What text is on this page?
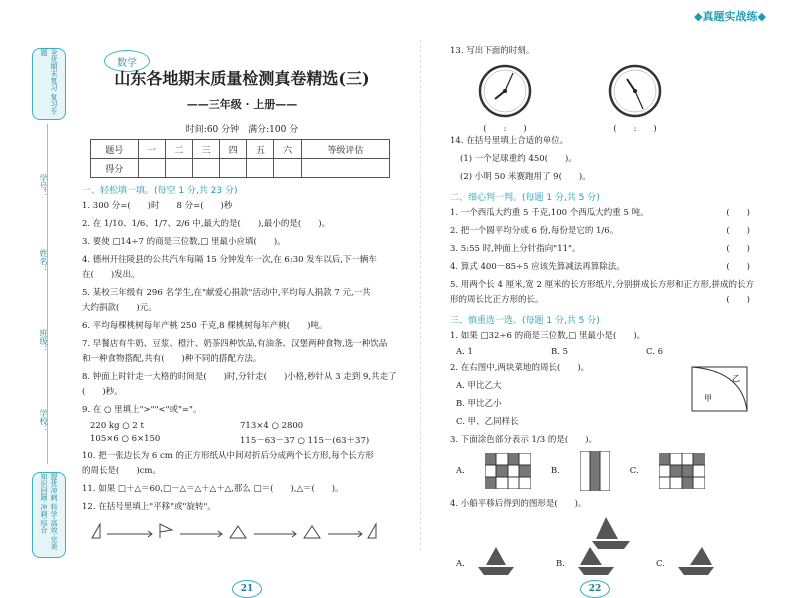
◆真题实战练◆
全优期末复习 复习专题
学号：
姓名：
班级：
学校：
提优冲刺 科学·高效·完美 知识回顾·冲刺·综合
数学
山东各地期末质量检测真卷精选(三)
——三年级 · 上册——
时间:60 分钟　满分:100 分
题号	一	二	三	四	五	六	等级评估
得分							
一、轻松填一填。(每空 1 分,共 23 分)
1. 300 分=(　　)时　　8 分=(　　)秒
2. 在 1/10、1/6、1/7、2/6 中,最大的是(　　),最小的是(　　)。
3. 要使 □14÷7 的商是三位数,□ 里最小应填(　　)。
4. 德州开往陵县的公共汽车每隔 15 分钟发车一次,在 6:30 发车以后,下一辆车
在(　　)发出。
5. 某校三年级有 296 名学生,在"献爱心捐款"活动中,平均每人捐款 7 元,一共
大约捐款(　　)元。
6. 平均每棵桃树每年产桃 250 千克,8 棵桃树每年产桃(　　)吨。
7. 早餐店有牛奶、豆浆、橙汁、奶茶四种饮品,有油条、汉堡两种食物,选一种饮品
和一种食物搭配,共有(　　)种不同的搭配方法。
8. 钟面上时针走一大格的时间是(　　)时,分针走(　　)小格,秒针从 3 走到 9,共走了
(　　)秒。
9. 在 ○ 里填上">""<"或"="。
220 kg ○ 2 t	713×4 ○ 2800
105×6 ○ 6×150	115－63－37 ○ 115－(63＋37)
10. 把一张边长为 6 cm 的正方形纸从中间对折后分成两个长方形,每个长方形
的周长是(　　)cm。
11. 如果 □＋△＝60,□－△＝△＋△＋△,那么 □＝(　　),△＝(　　)。
12. 在括号里填上"平移"或"旋转"。
21
13. 写出下面的时刻。
(　　:　　)	(　　:　　)
14. 在括号里填上合适的单位。
(1) 一个足球重约 450(　　)。
(2) 小明 50 米赛跑用了 9(　　)。
二、细心判一判。(每题 1 分,共 5 分)
1. 一个西瓜大约重 5 千克,100 个西瓜大约重 5 吨。	(　　)
2. 把一个圆平均分成 6 份,每份是它的 1/6。	(　　)
3. 5:55 时,钟面上分针指向"11"。	(　　)
4. 算式 400－85÷5 应该先算减法再算除法。	(　　)
5. 用两个长 4 厘米,宽 2 厘米的长方形纸片,分别拼成长方形和正方形,拼成的长方
形的周长比正方形的长。	(　　)
三、慎重选一选。(每题 1 分,共 5 分)
1. 如果 □32÷6 的商是三位数,□ 里最小是(　　)。
A. 1	B. 5	C. 6
2. 在右图中,两块菜地的周长(　　)。
A. 甲比乙大
B. 甲比乙小
C. 甲、乙同样长
甲
乙
3. 下面涂色部分表示 1/3 的是(　　)。
A.	B.	C.
4. 小船平移后得到的图形是(　　)。
A.	B.	C.
22
